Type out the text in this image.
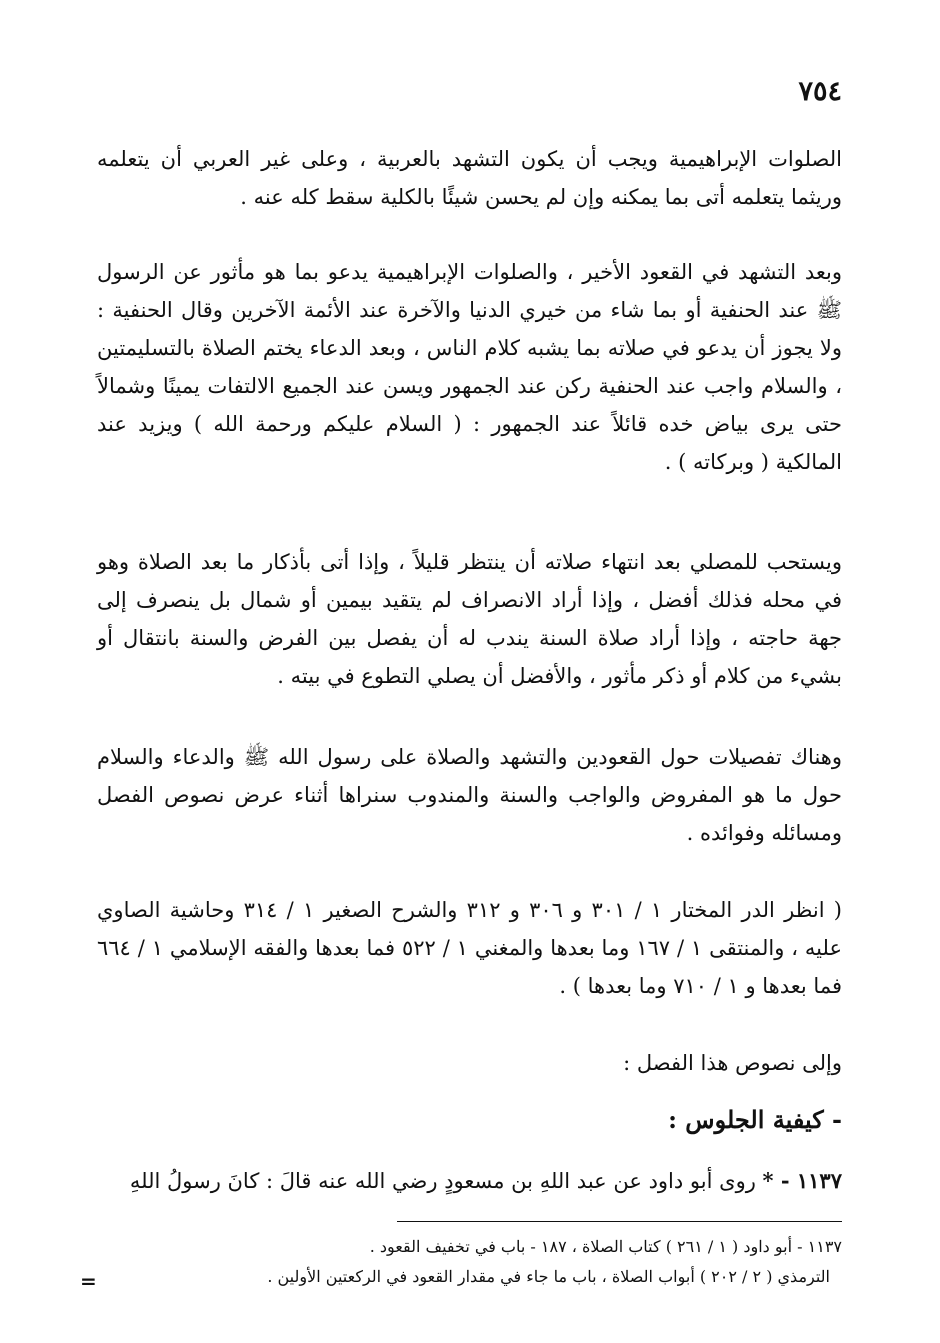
٧٥٤

الصلوات الإبراهيمية ويجب أن يكون التشهد بالعربية ، وعلى غير العربي أن يتعلمه وريثما يتعلمه أتى بما يمكنه وإن لم يحسن شيئًا بالكلية سقط كله عنه .

وبعد التشهد في القعود الأخير ، والصلوات الإبراهيمية يدعو بما هو مأثور عن الرسول ﷺ عند الحنفية أو بما شاء من خيري الدنيا والآخرة عند الأئمة الآخرين وقال الحنفية : ولا يجوز أن يدعو في صلاته بما يشبه كلام الناس ، وبعد الدعاء يختم الصلاة بالتسليمتين ، والسلام واجب عند الحنفية ركن عند الجمهور ويسن عند الجميع الالتفات يمينًا وشمالاً حتى يرى بياض خده قائلاً عند الجمهور : ( السلام عليكم ورحمة الله ) ويزيد عند المالكية ( وبركاته ) .

ويستحب للمصلي بعد انتهاء صلاته أن ينتظر قليلاً ، وإذا أتى بأذكار ما بعد الصلاة وهو في محله فذلك أفضل ، وإذا أراد الانصراف لم يتقيد بيمين أو شمال بل ينصرف إلى جهة حاجته ، وإذا أراد صلاة السنة يندب له أن يفصل بين الفرض والسنة بانتقال أو بشيء من كلام أو ذكر مأثور ، والأفضل أن يصلي التطوع في بيته .

وهناك تفصيلات حول القعودين والتشهد والصلاة على رسول الله ﷺ والدعاء والسلام حول ما هو المفروض والواجب والسنة والمندوب سنراها أثناء عرض نصوص الفصل ومسائله وفوائده .

( انظر الدر المختار ١ / ٣٠١ و ٣٠٦ و ٣١٢ والشرح الصغير ١ / ٣١٤ وحاشية الصاوي عليه ، والمنتقى ١ / ١٦٧ وما بعدها والمغني ١ / ٥٢٢ فما بعدها والفقه الإسلامي ١ / ٦٦٤ فما بعدها و ١ / ٧١٠ وما بعدها ) .

وإلى نصوص هذا الفصل :

- كيفية الجلوس :

١١٣٧ - * روى أبو داود عن عبد اللهِ بن مسعودٍ رضي الله عنه قالَ : كانَ رسولُ اللهِ

١١٣٧ - أبو داود ( ١ / ٢٦١ ) كتاب الصلاة ، ١٨٧ - باب في تخفيف القعود .
الترمذي ( ٢ / ٢٠٢ ) أبواب الصلاة ، باب ما جاء في مقدار القعود في الركعتين الأولين .
=
